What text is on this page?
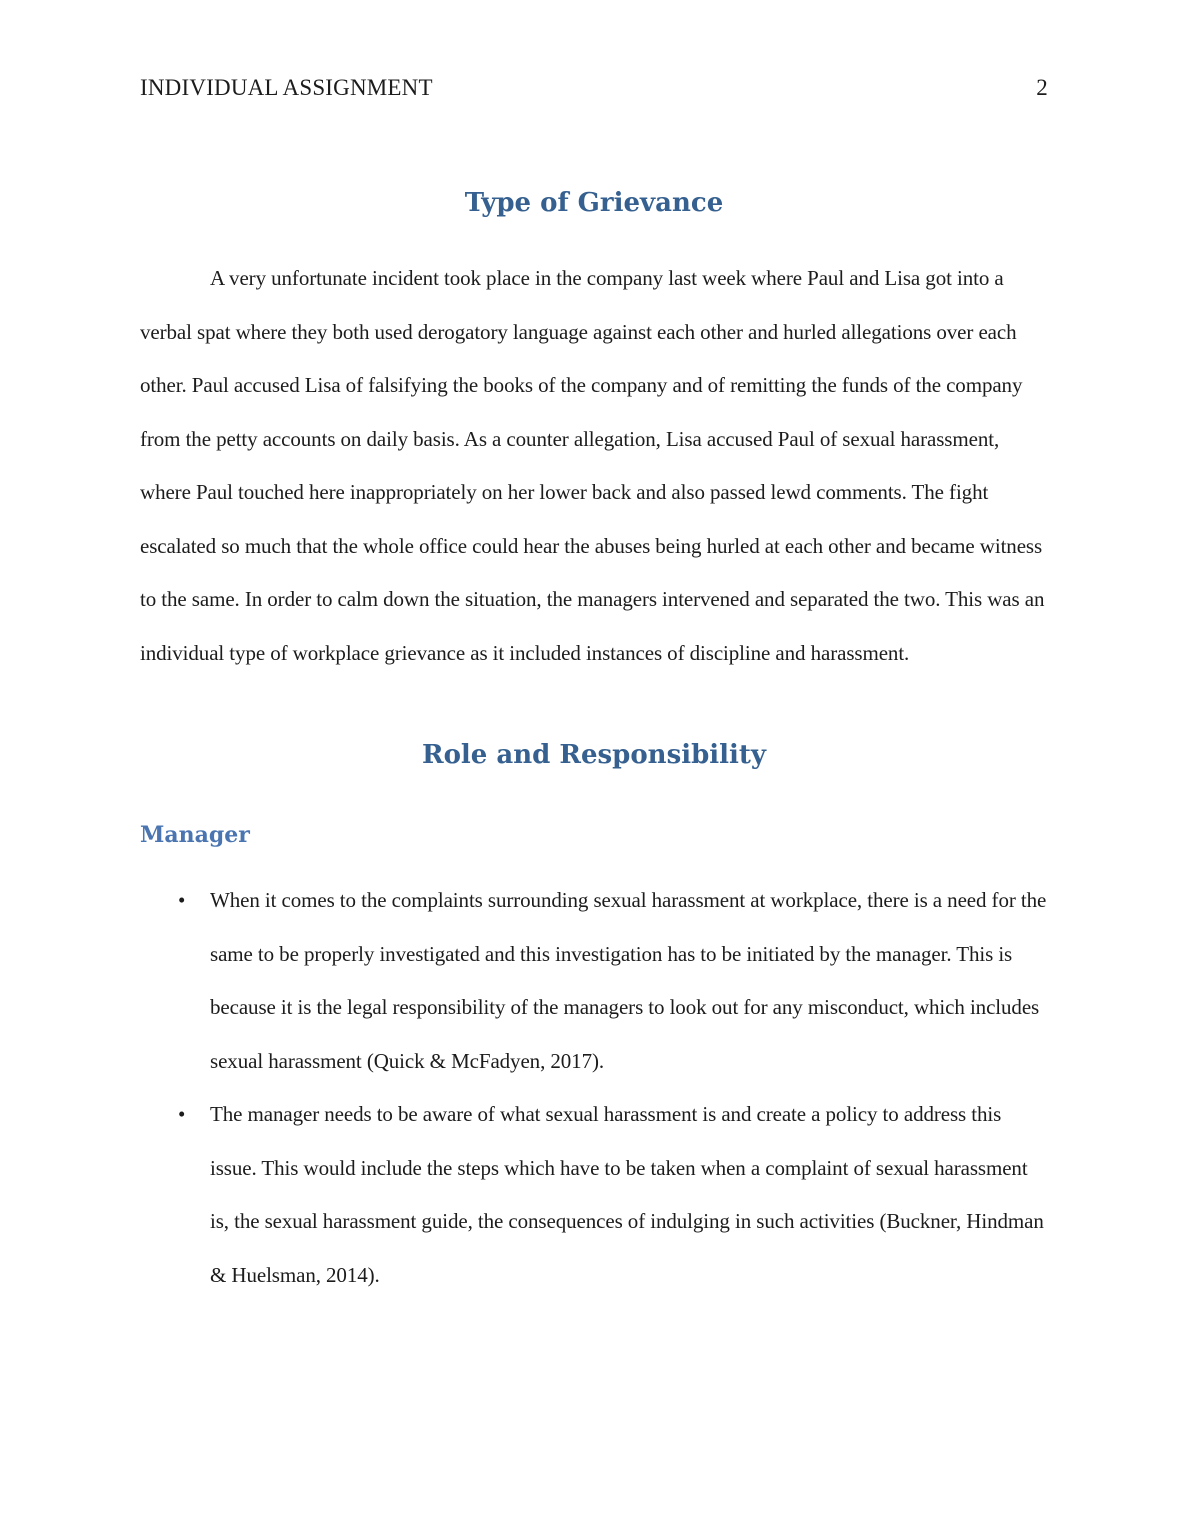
INDIVIDUAL ASSIGNMENT	2
Type of Grievance

A very unfortunate incident took place in the company last week where Paul and Lisa got into a verbal spat where they both used derogatory language against each other and hurled allegations over each other. Paul accused Lisa of falsifying the books of the company and of remitting the funds of the company from the petty accounts on daily basis. As a counter allegation, Lisa accused Paul of sexual harassment, where Paul touched here inappropriately on her lower back and also passed lewd comments. The fight escalated so much that the whole office could hear the abuses being hurled at each other and became witness to the same. In order to calm down the situation, the managers intervened and separated the two. This was an individual type of workplace grievance as it included instances of discipline and harassment.

Role and Responsibility
Manager
• When it comes to the complaints surrounding sexual harassment at workplace, there is a need for the same to be properly investigated and this investigation has to be initiated by the manager. This is because it is the legal responsibility of the managers to look out for any misconduct, which includes sexual harassment (Quick & McFadyen, 2017).
• The manager needs to be aware of what sexual harassment is and create a policy to address this issue. This would include the steps which have to be taken when a complaint of sexual harassment is, the sexual harassment guide, the consequences of indulging in such activities (Buckner, Hindman & Huelsman, 2014).
